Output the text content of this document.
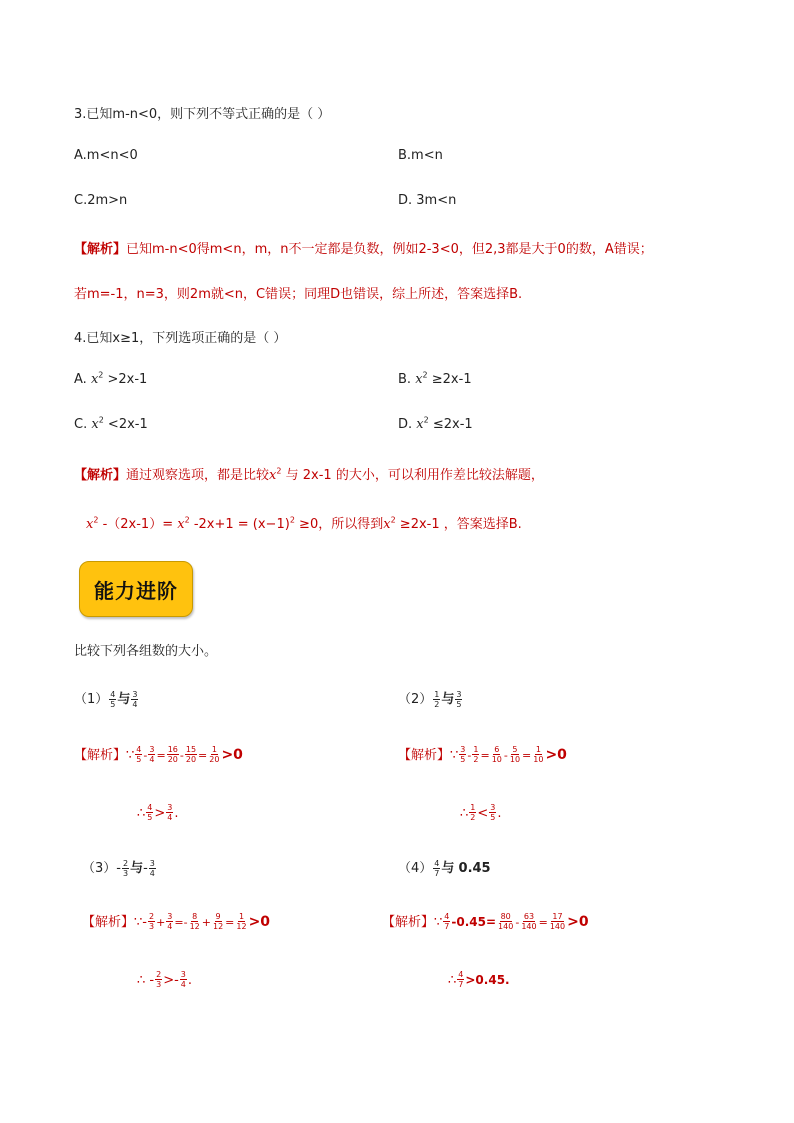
3.已知m-n<0，则下列不等式正确的是（ ）
A.m<n<0	B.m<n
C.2m>n	D. 3m<n
【解析】已知m-n<0得m<n，m，n不一定都是负数，例如2-3<0，但2,3都是大于0的数，A错误；
若m=-1，n=3，则2m就<n，C错误；同理D也错误，综上所述，答案选择B.
4.已知x≥1，下列选项正确的是（ ）
A. $x^2 >2x-1$	B. $x^2 \ge 2x-1$
C. $x^2 <2x-1$	D. $x^2 \le 2x-1$
【解析】通过观察选项，都是比较$x^2$ 与 2x-1 的大小，可以利用作差比较法解题，
$x^2$ $-(2x-1)= x^2$ $-2x+1 = (x-1)^2 \ge 0$，所以得到$x^2 \ge 2x-1$ ，答案选择B.
能力进阶
比较下列各组数的大小。
$(1) \frac{4}{5}$ 与 $\frac{3}{4}$
【解析】∵ $\frac{4}{5} - \frac{3}{4} = \frac{16}{20} - \frac{15}{20} = \frac{1}{20} >0$
∴ $\frac{4}{5} > \frac{3}{4}$ .
$(2) \frac{1}{2}$ 与 $\frac{3}{5}$
【解析】∵ $\frac{3}{5} - \frac{1}{2} = \frac{6}{10} - \frac{5}{10} = \frac{1}{10} >0$
∴ $\frac{1}{2} < \frac{3}{5}$ .
$(3)- \frac{2}{3}$ 与- $\frac{3}{4}$
【解析】∵- $\frac{2}{3} + \frac{3}{4} =- \frac{8}{12} + \frac{9}{12} = \frac{1}{12} >0$
∴ - $\frac{2}{3} >- \frac{3}{4}$ .
$(4) \frac{4}{7}$ 与 0.45
【解析】∵ $\frac{4}{7} -0.45= \frac{80}{140} - \frac{63}{140} = \frac{17}{140} >0$
∴ $\frac{4}{7} >0.45$.
